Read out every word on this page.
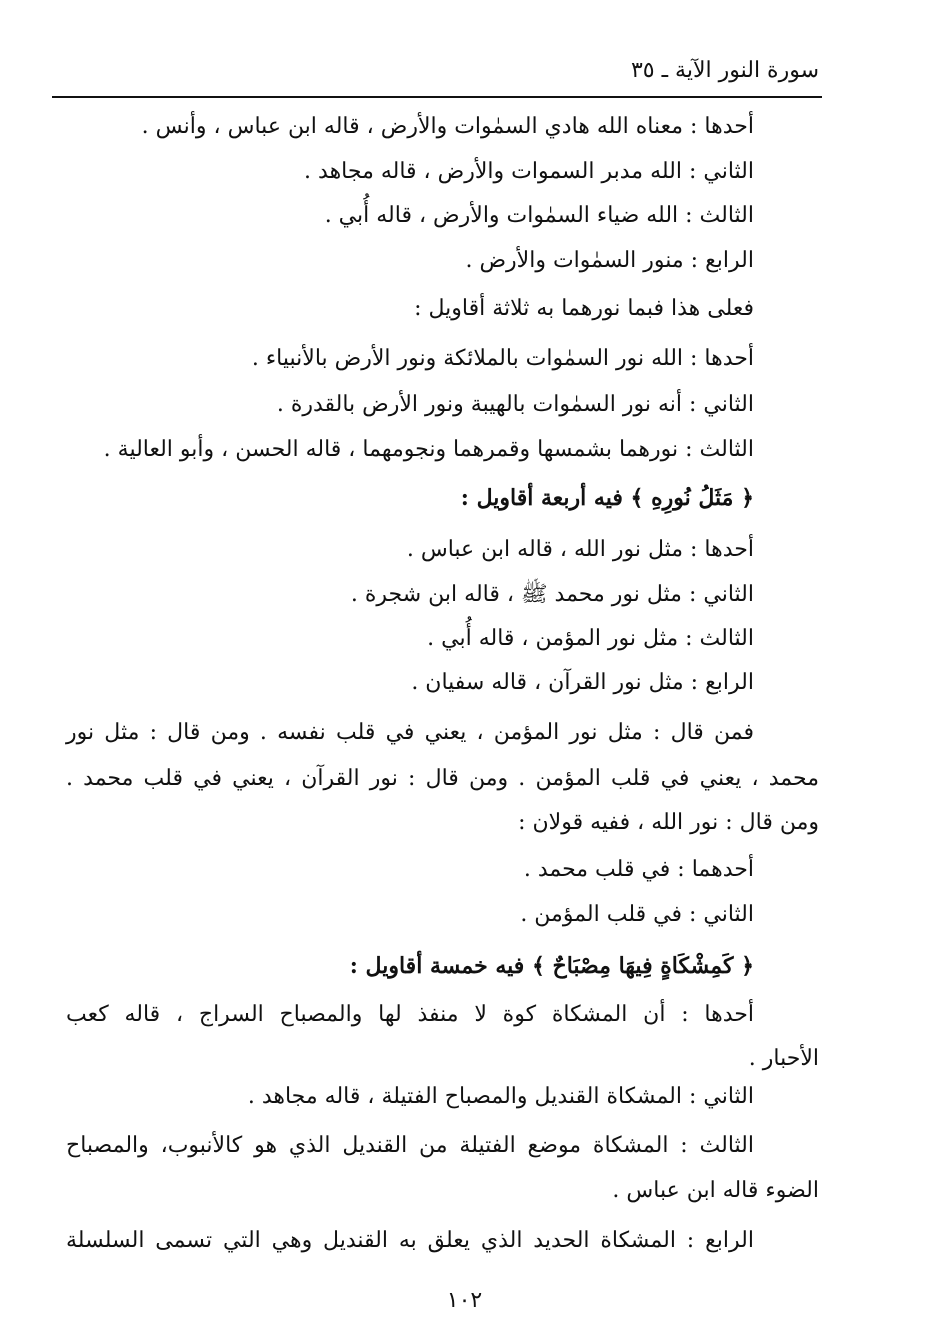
سورة النور الآية ـ ٣٥
أحدها : معناه الله هادي السمٰوات والأرض ، قاله ابن عباس ، وأنس .
الثاني : الله مدبر السموات والأرض ، قاله مجاهد .
الثالث : الله ضياء السمٰوات والأرض ، قاله أُبي .
الرابع : منور السمٰوات والأرض .
فعلى هذا فبما نورهما به ثلاثة أقاويل :
أحدها : الله نور السمٰوات بالملائكة ونور الأرض بالأنبياء .
الثاني : أنه نور السمٰوات بالهيبة ونور الأرض بالقدرة .
الثالث : نورهما بشمسها وقمرهما ونجومهما ، قاله الحسن ، وأبو العالية .
﴿ مَثَلُ نُورِهِ ﴾ فيه أربعة أقاويل :
أحدها : مثل نور الله ، قاله ابن عباس .
الثاني : مثل نور محمد ﷺ ، قاله ابن شجرة .
الثالث : مثل نور المؤمن ، قاله أُبي .
الرابع : مثل نور القرآن ، قاله سفيان .
فمن قال : مثل نور المؤمن ، يعني في قلب نفسه . ومن قال : مثل نور
محمد ، يعني في قلب المؤمن . ومن قال : نور القرآن ، يعني في قلب محمد .
ومن قال : نور الله ، ففيه قولان :
أحدهما : في قلب محمد .
الثاني : في قلب المؤمن .
﴿ كَمِشْكَاةٍ فِيهَا مِصْبَاحٌ ﴾ فيه خمسة أقاويل :
أحدها : أن المشكاة كوة لا منفذ لها والمصباح السراج ، قاله كعب
الأحبار .
الثاني : المشكاة القنديل والمصباح الفتيلة ، قاله مجاهد .
الثالث : المشكاة موضع الفتيلة من القنديل الذي هو كالأنبوب، والمصباح
الضوء قاله ابن عباس .
الرابع : المشكاة الحديد الذي يعلق به القنديل وهي التي تسمى السلسلة
١٠٢
